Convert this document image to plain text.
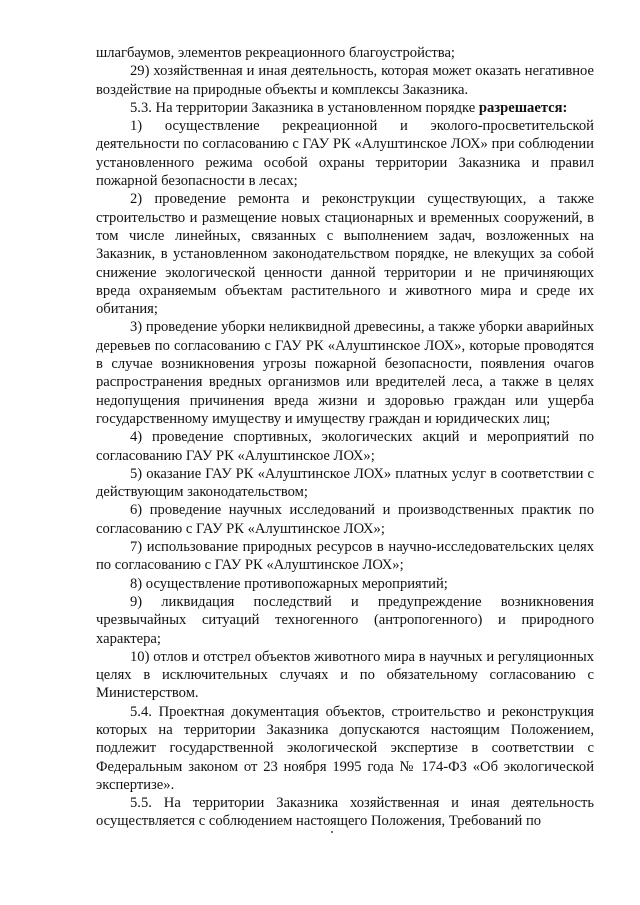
шлагбаумов, элементов рекреационного благоустройства;

29) хозяйственная и иная деятельность, которая может оказать негативное воздействие на природные объекты и комплексы Заказника.

5.3. На территории Заказника в установленном порядке разрешается:

1) осуществление рекреационной и эколого-просветительской деятельности по согласованию с ГАУ РК «Алуштинское ЛОХ» при соблюдении установленного режима особой охраны территории Заказника и правил пожарной безопасности в лесах;

2) проведение ремонта и реконструкции существующих, а также строительство и размещение новых стационарных и временных сооружений, в том числе линейных, связанных с выполнением задач, возложенных на Заказник, в установленном законодательством порядке, не влекущих за собой снижение экологической ценности данной территории и не причиняющих вреда охраняемым объектам растительного и животного мира и среде их обитания;

3) проведение уборки неликвидной древесины, а также уборки аварийных деревьев по согласованию с ГАУ РК «Алуштинское ЛОХ», которые проводятся в случае возникновения угрозы пожарной безопасности, появления очагов распространения вредных организмов или вредителей леса, а также в целях недопущения причинения вреда жизни и здоровью граждан или ущерба государственному имуществу и имуществу граждан и юридических лиц;

4) проведение спортивных, экологических акций и мероприятий по согласованию ГАУ РК «Алуштинское ЛОХ»;

5) оказание ГАУ РК «Алуштинское ЛОХ» платных услуг в соответствии с действующим законодательством;

6) проведение научных исследований и производственных практик по согласованию с ГАУ РК «Алуштинское ЛОХ»;

7) использование природных ресурсов в научно-исследовательских целях по согласованию с ГАУ РК «Алуштинское ЛОХ»;

8) осуществление противопожарных мероприятий;

9) ликвидация последствий и предупреждение возникновения чрезвычайных ситуаций техногенного (антропогенного) и природного характера;

10) отлов и отстрел объектов животного мира в научных и регуляционных целях в исключительных случаях и по обязательному согласованию с Министерством.

5.4. Проектная документация объектов, строительство и реконструкция которых на территории Заказника допускаются настоящим Положением, подлежит государственной экологической экспертизе в соответствии с Федеральным законом от 23 ноября 1995 года № 174-ФЗ «Об экологической экспертизе».

5.5. На территории Заказника хозяйственная и иная деятельность осуществляется с соблюдением настоящего Положения, Требований по
